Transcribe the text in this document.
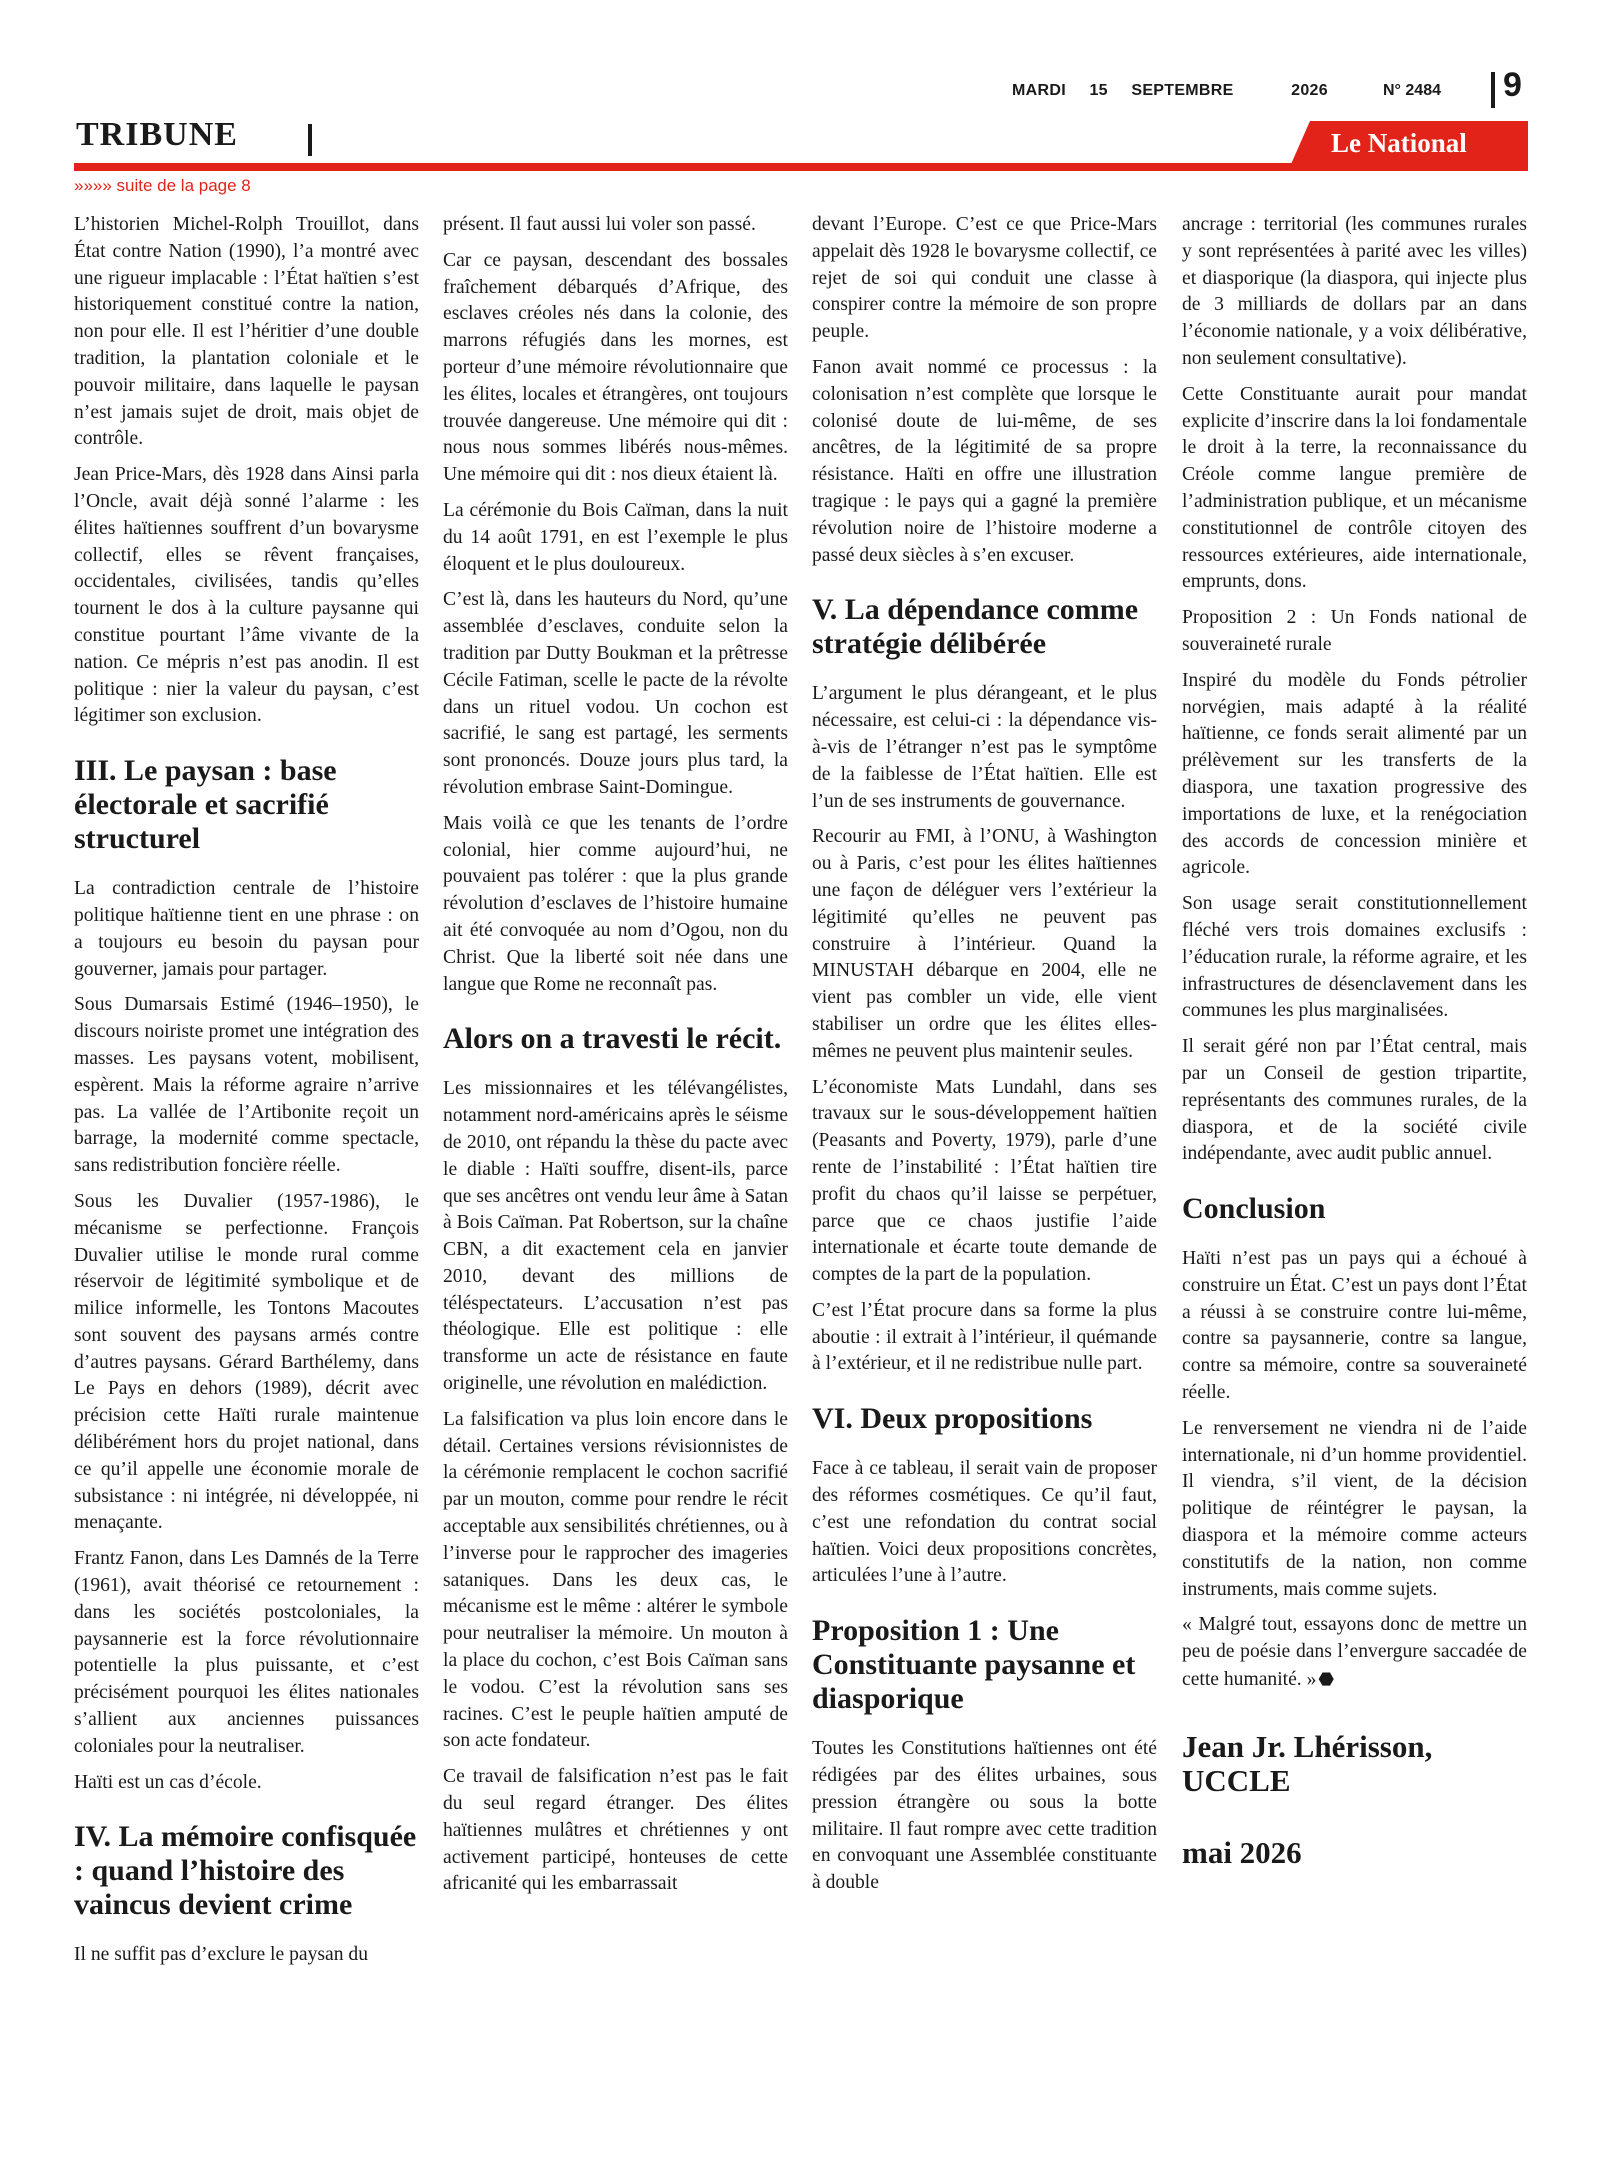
MARDI 15 SEPTEMBRE	2026	N° 2484 9
TRIBUNE	Le National
»»»» suite de la page 8

L’historien Michel-Rolph Trouillot, dans État contre Nation (1990), l’a montré avec une rigueur implacable : l’État haïtien s’est historiquement constitué contre la nation, non pour elle. Il est l’héritier d’une double tradition, la plantation coloniale et le pouvoir militaire, dans laquelle le paysan n’est jamais sujet de droit, mais objet de contrôle.

Jean Price-Mars, dès 1928 dans Ainsi parla l’Oncle, avait déjà sonné l’alarme : les élites haïtiennes souffrent d’un bovarysme collectif, elles se rêvent françaises, occidentales, civilisées, tandis qu’elles tournent le dos à la culture paysanne qui constitue pourtant l’âme vivante de la nation. Ce mépris n’est pas anodin. Il est politique : nier la valeur du paysan, c’est légitimer son exclusion.

III. Le paysan : base électorale et sacrifié structurel

La contradiction centrale de l’histoire politique haïtienne tient en une phrase : on a toujours eu besoin du paysan pour gouverner, jamais pour partager.

Sous Dumarsais Estimé (1946–1950), le discours noiriste promet une intégration des masses. Les paysans votent, mobilisent, espèrent. Mais la réforme agraire n’arrive pas. La vallée de l’Artibonite reçoit un barrage, la modernité comme spectacle, sans redistribution foncière réelle.

Sous les Duvalier (1957-1986), le mécanisme se perfectionne. François Duvalier utilise le monde rural comme réservoir de légitimité symbolique et de milice informelle, les Tontons Macoutes sont souvent des paysans armés contre d’autres paysans. Gérard Barthélemy, dans Le Pays en dehors (1989), décrit avec précision cette Haïti rurale maintenue délibérément hors du projet national, dans ce qu’il appelle une économie morale de subsistance : ni intégrée, ni développée, ni menaçante.

Frantz Fanon, dans Les Damnés de la Terre (1961), avait théorisé ce retournement : dans les sociétés postcoloniales, la paysannerie est la force révolutionnaire potentielle la plus puissante, et c’est précisément pourquoi les élites nationales s’allient aux anciennes puissances coloniales pour la neutraliser.

Haïti est un cas d’école.

IV. La mémoire confisquée : quand l’histoire des vaincus devient crime

Il ne suffit pas d’exclure le paysan du

présent. Il faut aussi lui voler son passé.

Car ce paysan, descendant des bossales fraîchement débarqués d’Afrique, des esclaves créoles nés dans la colonie, des marrons réfugiés dans les mornes, est porteur d’une mémoire révolutionnaire que les élites, locales et étrangères, ont toujours trouvée dangereuse. Une mémoire qui dit : nous nous sommes libérés nous-mêmes. Une mémoire qui dit : nos dieux étaient là.

La cérémonie du Bois Caïman, dans la nuit du 14 août 1791, en est l’exemple le plus éloquent et le plus douloureux.

C’est là, dans les hauteurs du Nord, qu’une assemblée d’esclaves, conduite selon la tradition par Dutty Boukman et la prêtresse Cécile Fatiman, scelle le pacte de la révolte dans un rituel vodou. Un cochon est sacrifié, le sang est partagé, les serments sont prononcés. Douze jours plus tard, la révolution embrase Saint-Domingue.

Mais voilà ce que les tenants de l’ordre colonial, hier comme aujourd’hui, ne pouvaient pas tolérer : que la plus grande révolution d’esclaves de l’histoire humaine ait été convoquée au nom d’Ogou, non du Christ. Que la liberté soit née dans une langue que Rome ne reconnaît pas.

Alors on a travesti le récit.

Les missionnaires et les télévangélistes, notamment nord-américains après le séisme de 2010, ont répandu la thèse du pacte avec le diable : Haïti souffre, disent-ils, parce que ses ancêtres ont vendu leur âme à Satan à Bois Caïman. Pat Robertson, sur la chaîne CBN, a dit exactement cela en janvier 2010, devant des millions de téléspectateurs. L’accusation n’est pas théologique. Elle est politique : elle transforme un acte de résistance en faute originelle, une révolution en malédiction.

La falsification va plus loin encore dans le détail. Certaines versions révisionnistes de la cérémonie remplacent le cochon sacrifié par un mouton, comme pour rendre le récit acceptable aux sensibilités chrétiennes, ou à l’inverse pour le rapprocher des imageries sataniques. Dans les deux cas, le mécanisme est le même : altérer le symbole pour neutraliser la mémoire. Un mouton à la place du cochon, c’est Bois Caïman sans le vodou. C’est la révolution sans ses racines. C’est le peuple haïtien amputé de son acte fondateur.

Ce travail de falsification n’est pas le fait du seul regard étranger. Des élites haïtiennes mulâtres et chrétiennes y ont activement participé, honteuses de cette africanité qui les embarrassait

devant l’Europe. C’est ce que Price-Mars appelait dès 1928 le bovarysme collectif, ce rejet de soi qui conduit une classe à conspirer contre la mémoire de son propre peuple.

Fanon avait nommé ce processus : la colonisation n’est complète que lorsque le colonisé doute de lui-même, de ses ancêtres, de la légitimité de sa propre résistance. Haïti en offre une illustration tragique : le pays qui a gagné la première révolution noire de l’histoire moderne a passé deux siècles à s’en excuser.

V. La dépendance comme stratégie délibérée

L’argument le plus dérangeant, et le plus nécessaire, est celui-ci : la dépendance vis-à-vis de l’étranger n’est pas le symptôme de la faiblesse de l’État haïtien. Elle est l’un de ses instruments de gouvernance.

Recourir au FMI, à l’ONU, à Washington ou à Paris, c’est pour les élites haïtiennes une façon de déléguer vers l’extérieur la légitimité qu’elles ne peuvent pas construire à l’intérieur. Quand la MINUSTAH débarque en 2004, elle ne vient pas combler un vide, elle vient stabiliser un ordre que les élites elles-mêmes ne peuvent plus maintenir seules.

L’économiste Mats Lundahl, dans ses travaux sur le sous-développement haïtien (Peasants and Poverty, 1979), parle d’une rente de l’instabilité : l’État haïtien tire profit du chaos qu’il laisse se perpétuer, parce que ce chaos justifie l’aide internationale et écarte toute demande de comptes de la part de la population.

C’est l’État procure dans sa forme la plus aboutie : il extrait à l’intérieur, il quémande à l’extérieur, et il ne redistribue nulle part.

VI. Deux propositions

Face à ce tableau, il serait vain de proposer des réformes cosmétiques. Ce qu’il faut, c’est une refondation du contrat social haïtien. Voici deux propositions concrètes, articulées l’une à l’autre.

Proposition 1 : Une Constituante paysanne et diasporique

Toutes les Constitutions haïtiennes ont été rédigées par des élites urbaines, sous pression étrangère ou sous la botte militaire. Il faut rompre avec cette tradition en convoquant une Assemblée constituante à double

ancrage : territorial (les communes rurales y sont représentées à parité avec les villes) et diasporique (la diaspora, qui injecte plus de 3 milliards de dollars par an dans l’économie nationale, y a voix délibérative, non seulement consultative).

Cette Constituante aurait pour mandat explicite d’inscrire dans la loi fondamentale le droit à la terre, la reconnaissance du Créole comme langue première de l’administration publique, et un mécanisme constitutionnel de contrôle citoyen des ressources extérieures, aide internationale, emprunts, dons.

Proposition 2 : Un Fonds national de souveraineté rurale

Inspiré du modèle du Fonds pétrolier norvégien, mais adapté à la réalité haïtienne, ce fonds serait alimenté par un prélèvement sur les transferts de la diaspora, une taxation progressive des importations de luxe, et la renégociation des accords de concession minière et agricole.

Son usage serait constitutionnellement fléché vers trois domaines exclusifs : l’éducation rurale, la réforme agraire, et les infrastructures de désenclavement dans les communes les plus marginalisées.

Il serait géré non par l’État central, mais par un Conseil de gestion tripartite, représentants des communes rurales, de la diaspora, et de la société civile indépendante, avec audit public annuel.

Conclusion

Haïti n’est pas un pays qui a échoué à construire un État. C’est un pays dont l’État a réussi à se construire contre lui-même, contre sa paysannerie, contre sa langue, contre sa mémoire, contre sa souveraineté réelle.

Le renversement ne viendra ni de l’aide internationale, ni d’un homme providentiel. Il viendra, s’il vient, de la décision politique de réintégrer le paysan, la diaspora et la mémoire comme acteurs constitutifs de la nation, non comme instruments, mais comme sujets.

« Malgré tout, essayons donc de mettre un peu de poésie dans l’envergure saccadée de cette humanité. » ⬣

Jean Jr. Lhérisson, UCCLE
mai 2026
